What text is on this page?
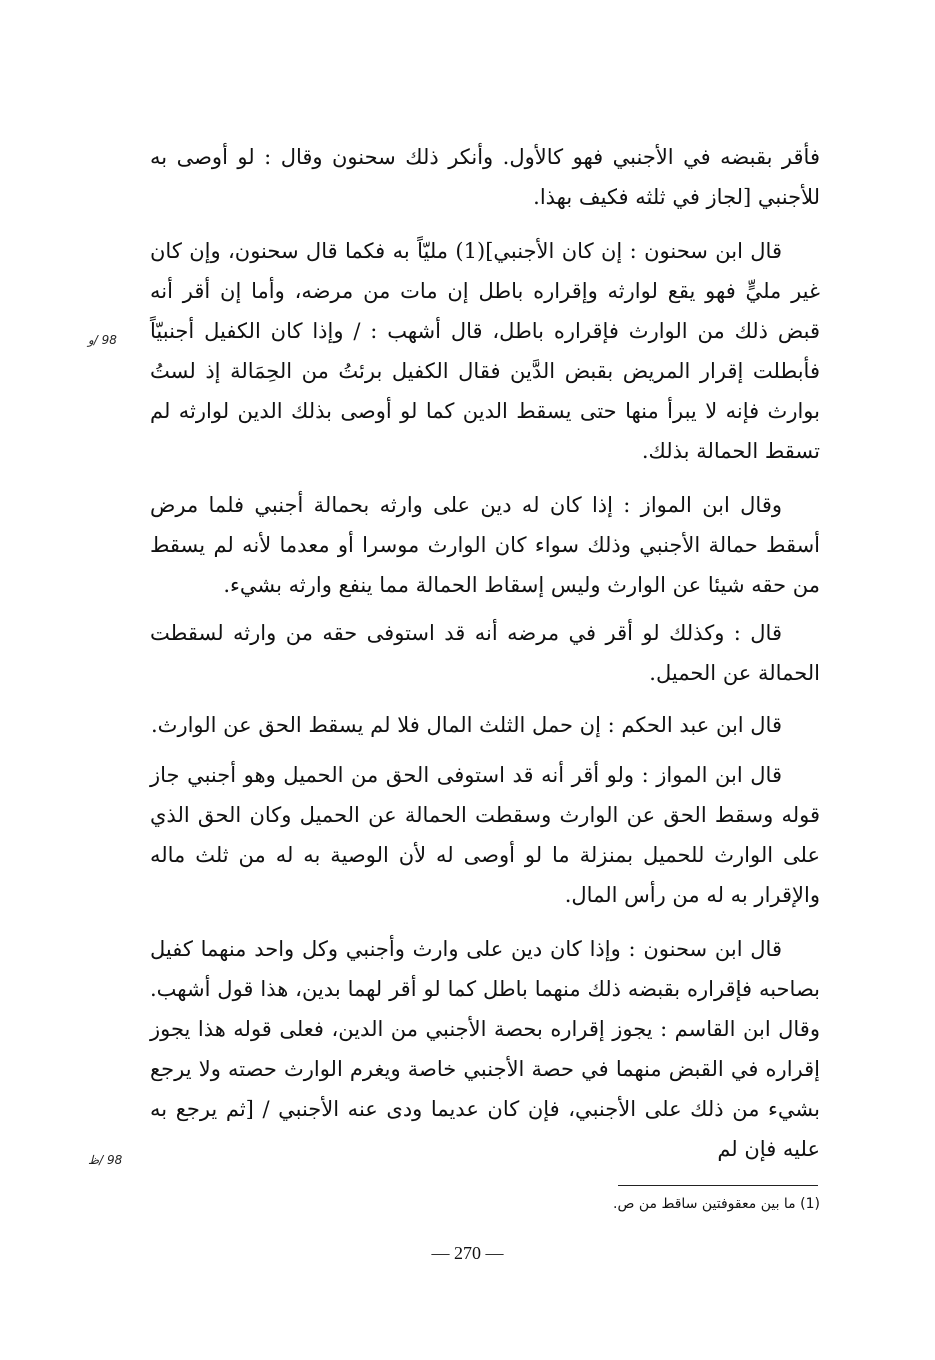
فأقر بقبضه في الأجنبي فهو كالأول. وأنكر ذلك سحنون وقال : لو أوصى به للأجنبي [لجاز في ثلثه فكيف بهذا.

قال ابن سحنون : إن كان الأجنبي](1) مليّاً به فكما قال سحنون، وإن كان غير مليٍّ فهو يقع لوارثه وإقراره باطل إن مات من مرضه، وأما إن أقر أنه قبض ذلك من الوارث فإقراره باطل، قال أشهب : / وإذا كان الكفيل أجنبيّاً فأبطلت إقرار المريض بقبض الدَّين فقال الكفيل برئتُ من الحِمَالة إذ لستُ بوارث فإنه لا يبرأ منها حتى يسقط الدين كما لو أوصى بذلك الدين لوارثه لم تسقط الحمالة بذلك.

وقال ابن المواز : إذا كان له دين على وارثه بحمالة أجنبي فلما مرض أسقط حمالة الأجنبي وذلك سواء كان الوارث موسرا أو معدما لأنه لم يسقط من حقه شيئا عن الوارث وليس إسقاط الحمالة مما ينفع وارثه بشيء.

قال : وكذلك لو أقر في مرضه أنه قد استوفى حقه من وارثه لسقطت الحمالة عن الحميل.

قال ابن عبد الحكم : إن حمل الثلث المال فلا لم يسقط الحق عن الوارث.

قال ابن المواز : ولو أقر أنه قد استوفى الحق من الحميل وهو أجنبي جاز قوله وسقط الحق عن الوارث وسقطت الحمالة عن الحميل وكان الحق الذي على الوارث للحميل بمنزلة ما لو أوصى له لأن الوصية به له من ثلث ماله والإقرار به له من رأس المال.

قال ابن سحنون : وإذا كان دين على وارث وأجنبي وكل واحد منهما كفيل بصاحبه فإقراره بقبضه ذلك منهما باطل كما لو أقر لهما بدين، هذا قول أشهب. وقال ابن القاسم : يجوز إقراره بحصة الأجنبي من الدين، فعلى قوله هذا يجوز إقراره في القبض منهما في حصة الأجنبي خاصة ويغرم الوارث حصته ولا يرجع بشيء من ذلك على الأجنبي، فإن كان عديما ودى عنه الأجنبي / [ثم يرجع به عليه فإن لم

98 /و
98 /ظ
(1) ما بين معقوفتين ساقط من ص.
— 270 —
